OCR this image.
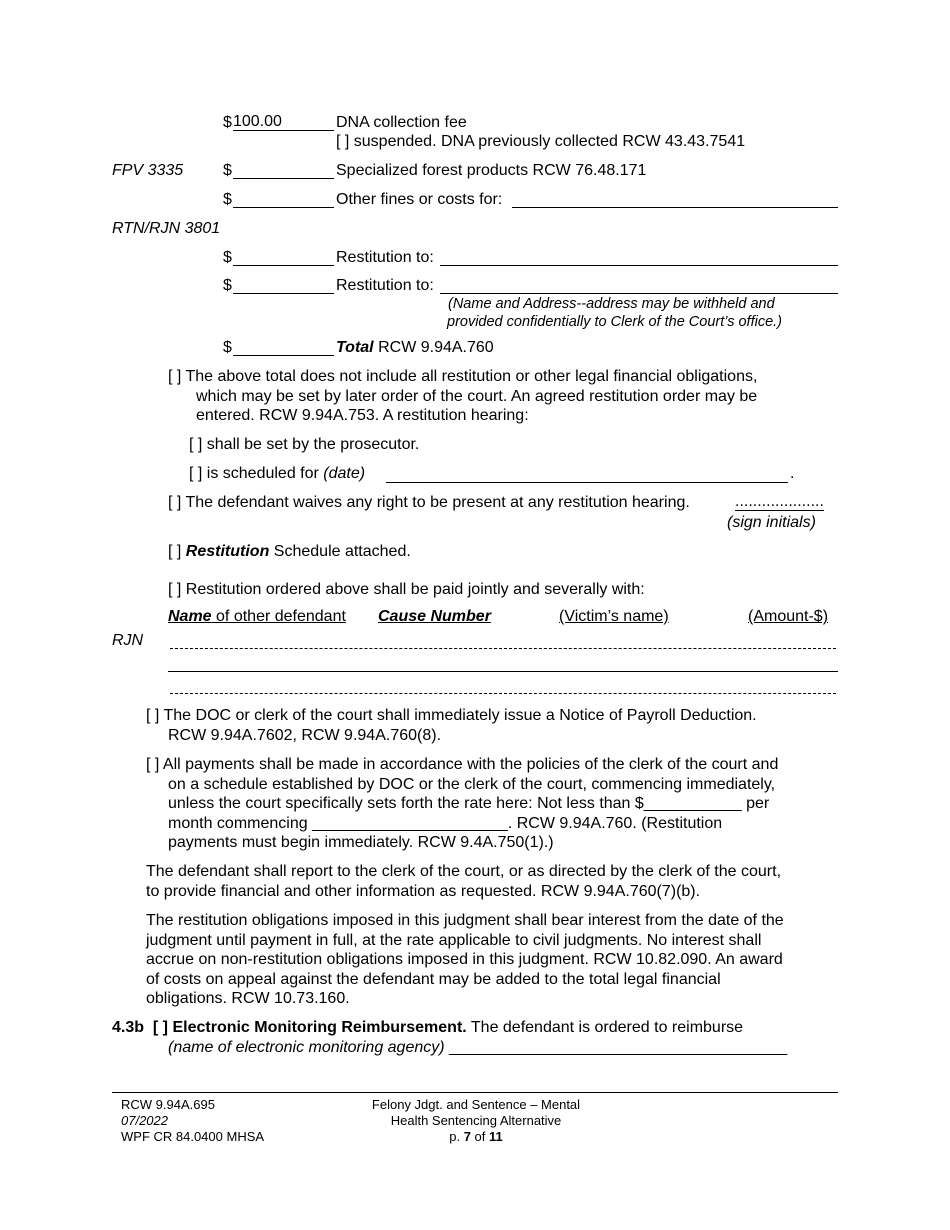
$ 100.00	DNA collection fee
[ ] suspended. DNA previously collected RCW 43.43.7541
FPV 3335 $	Specialized forest products RCW 76.48.171
$	Other fines or costs for:
RTN/RJN 3801
$	Restitution to:
$	Restitution to:
(Name and Address--address may be withheld and
provided confidentially to Clerk of the Court’s office.)
$	Total RCW 9.94A.760
[ ] The above total does not include all restitution or other legal financial obligations,
which may be set by later order of the court. An agreed restitution order may be
entered. RCW 9.94A.753. A restitution hearing:
[ ] shall be set by the prosecutor.
[ ] is scheduled for (date)	.
[ ] The defendant waives any right to be present at any restitution hearing.	....................
(sign initials)
[ ] Restitution Schedule attached.
[ ] Restitution ordered above shall be paid jointly and severally with:
Name of other defendant Cause Number	(Victim’s name)	(Amount-$)
RJN
[ ] The DOC or clerk of the court shall immediately issue a Notice of Payroll Deduction.
RCW 9.94A.7602, RCW 9.94A.760(8).
[ ] All payments shall be made in accordance with the policies of the clerk of the court and
on a schedule established by DOC or the clerk of the court, commencing immediately,
unless the court specifically sets forth the rate here: Not less than $___________ per
month commencing ______________________. RCW 9.94A.760. (Restitution
payments must begin immediately. RCW 9.4A.750(1).)
The defendant shall report to the clerk of the court, or as directed by the clerk of the court,
to provide financial and other information as requested. RCW 9.94A.760(7)(b).
The restitution obligations imposed in this judgment shall bear interest from the date of the
judgment until payment in full, at the rate applicable to civil judgments. No interest shall
accrue on non-restitution obligations imposed in this judgment. RCW 10.82.090. An award
of costs on appeal against the defendant may be added to the total legal financial
obligations. RCW 10.73.160.
4.3b [ ] Electronic Monitoring Reimbursement. The defendant is ordered to reimburse
(name of electronic monitoring agency) ______________________________________
RCW 9.94A.695
07/2022
WPF CR 84.0400 MHSA
Felony Jdgt. and Sentence – Mental
Health Sentencing Alternative
p. 7 of 11
